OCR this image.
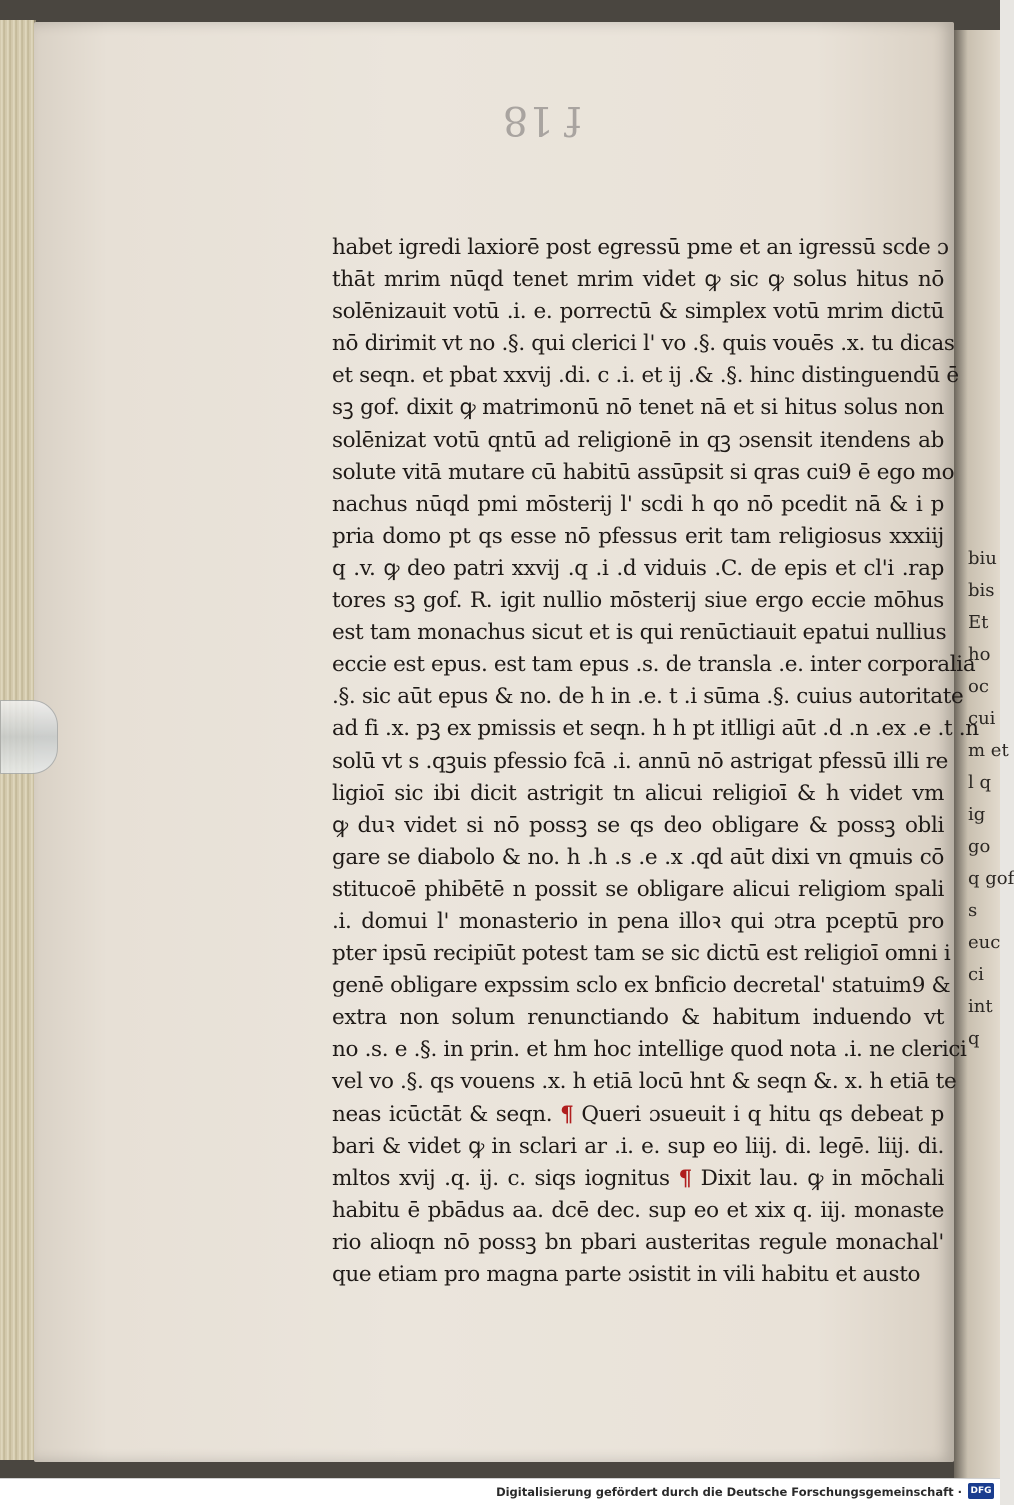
biu
bis
Et
ho
oc
cui
m et
l q
ig
go
q gof
s
euc
ci
int
q
f 18
habet igredi laxiorē post egressū pme et an igressū scde ɔ
thāt mrim nūqd tenet mrim videt ꝙ sic ꝙ solus hitus nō
solēnizauit votū .i. e. porrectū & simplex votū mrim dictū
nō dirimit vt no .§. qui clerici l' vo .§. quis vouēs .x. tu dicas
et seqn. et pbat xxvij .di. c .i. et ij .& .§. hinc distinguendū ē
sꝫ gof. dixit ꝙ matrimonū nō tenet nā et si hitus solus non
solēnizat votū qntū ad religionē in qꝫ ɔsensit itendens ab
solute vitā mutare cū habitū assūpsit si qras cui9 ē ego mo
nachus nūqd pmi mōsterij l' scdi h qo nō pcedit nā & i p
pria domo pt qs esse nō pfessus erit tam religiosus xxxiij
q .v. ꝙ deo patri xxvij .q .i .d viduis .C. de epis et cl'i .rap
tores sꝫ gof. R. igit nullio mōsterij siue ergo eccie mōhus
est tam monachus sicut et is qui renūctiauit epatui nullius
eccie est epus. est tam epus .s. de transla .e. inter corporalia
.§. sic aūt epus & no. de h in .e. t .i sūma .§. cuius autoritate
ad fi .x. pꝫ ex pmissis et seqn. h h pt itlligi aūt .d .n .ex .e .t .n
solū vt s .qꝫuis pfessio fcā .i. annū nō astrigat pfessū illi re
ligioī sic ibi dicit astrigit tn alicui religioī & h videt vm
ꝙ duꝛ videt si nō possꝫ se qs deo obligare & possꝫ obli
gare se diabolo & no. h .h .s .e .x .qd aūt dixi vn qmuis cō
stitucoē phibētē n possit se obligare alicui religiom spali
.i. domui l' monasterio in pena illoꝛ qui ɔtra pceptū pro
pter ipsū recipiūt potest tam se sic dictū est religioī omni i
genē obligare expssim sclo ex bnficio decretal' statuim9 &
extra non solum renunctiando & habitum induendo vt
no .s. e .§. in prin. et hm hoc intellige quod nota .i. ne clerici
vel vo .§. qs vouens .x. h etiā locū hnt & seqn &. x. h etiā te
neas icūctāt & seqn. ¶ Queri ɔsueuit i q hitu qs debeat p
bari & videt ꝙ in sclari ar .i. e. sup eo liij. di. legē. liij. di.
mltos xvij .q. ij. c. siqs iognitus ¶ Dixit lau. ꝙ in mōchali
habitu ē pbādus aa. dcē dec. sup eo et xix q. iij. monaste
rio alioqn nō possꝫ bn pbari austeritas regule monachal'
que etiam pro magna parte ɔsistit in vili habitu et austo
Digitalisierung gefördert durch die Deutsche Forschungsgemeinschaft · DFG
